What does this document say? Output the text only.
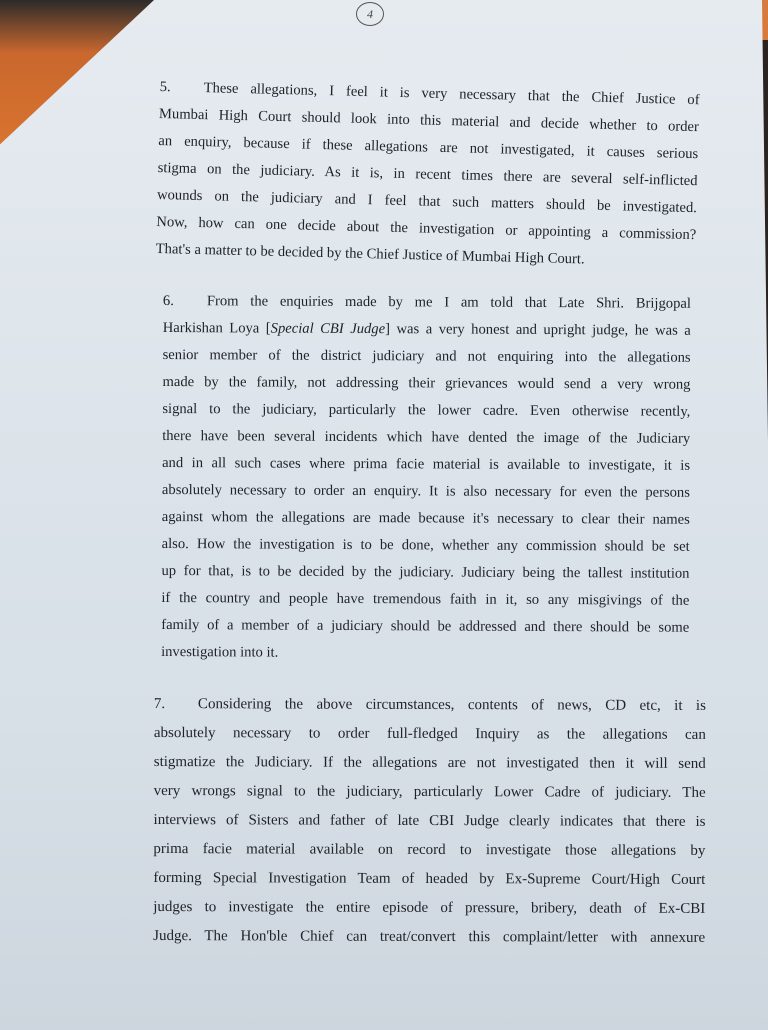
4
5. These allegations, I feel it is very necessary that the Chief Justice of
Mumbai High Court should look into this material and decide whether to order
an enquiry, because if these allegations are not investigated, it causes serious
stigma on the judiciary. As it is, in recent times there are several self-inflicted
wounds on the judiciary and I feel that such matters should be investigated.
Now, how can one decide about the investigation or appointing a commission?
That's a matter to be decided by the Chief Justice of Mumbai High Court.
6. From the enquiries made by me I am told that Late Shri. Brijgopal
Harkishan Loya [Special CBI Judge] was a very honest and upright judge, he was a
senior member of the district judiciary and not enquiring into the allegations
made by the family, not addressing their grievances would send a very wrong
signal to the judiciary, particularly the lower cadre. Even otherwise recently,
there have been several incidents which have dented the image of the Judiciary
and in all such cases where prima facie material is available to investigate, it is
absolutely necessary to order an enquiry. It is also necessary for even the persons
against whom the allegations are made because it's necessary to clear their names
also. How the investigation is to be done, whether any commission should be set
up for that, is to be decided by the judiciary. Judiciary being the tallest institution
if the country and people have tremendous faith in it, so any misgivings of the
family of a member of a judiciary should be addressed and there should be some
investigation into it.
7. Considering the above circumstances, contents of news, CD etc, it is
absolutely necessary to order full-fledged Inquiry as the allegations can
stigmatize the Judiciary. If the allegations are not investigated then it will send
very wrongs signal to the judiciary, particularly Lower Cadre of judiciary. The
interviews of Sisters and father of late CBI Judge clearly indicates that there is
prima facie material available on record to investigate those allegations by
forming Special Investigation Team of headed by Ex-Supreme Court/High Court
judges to investigate the entire episode of pressure, bribery, death of Ex-CBI
Judge. The Hon'ble Chief can treat/convert this complaint/letter with annexure
